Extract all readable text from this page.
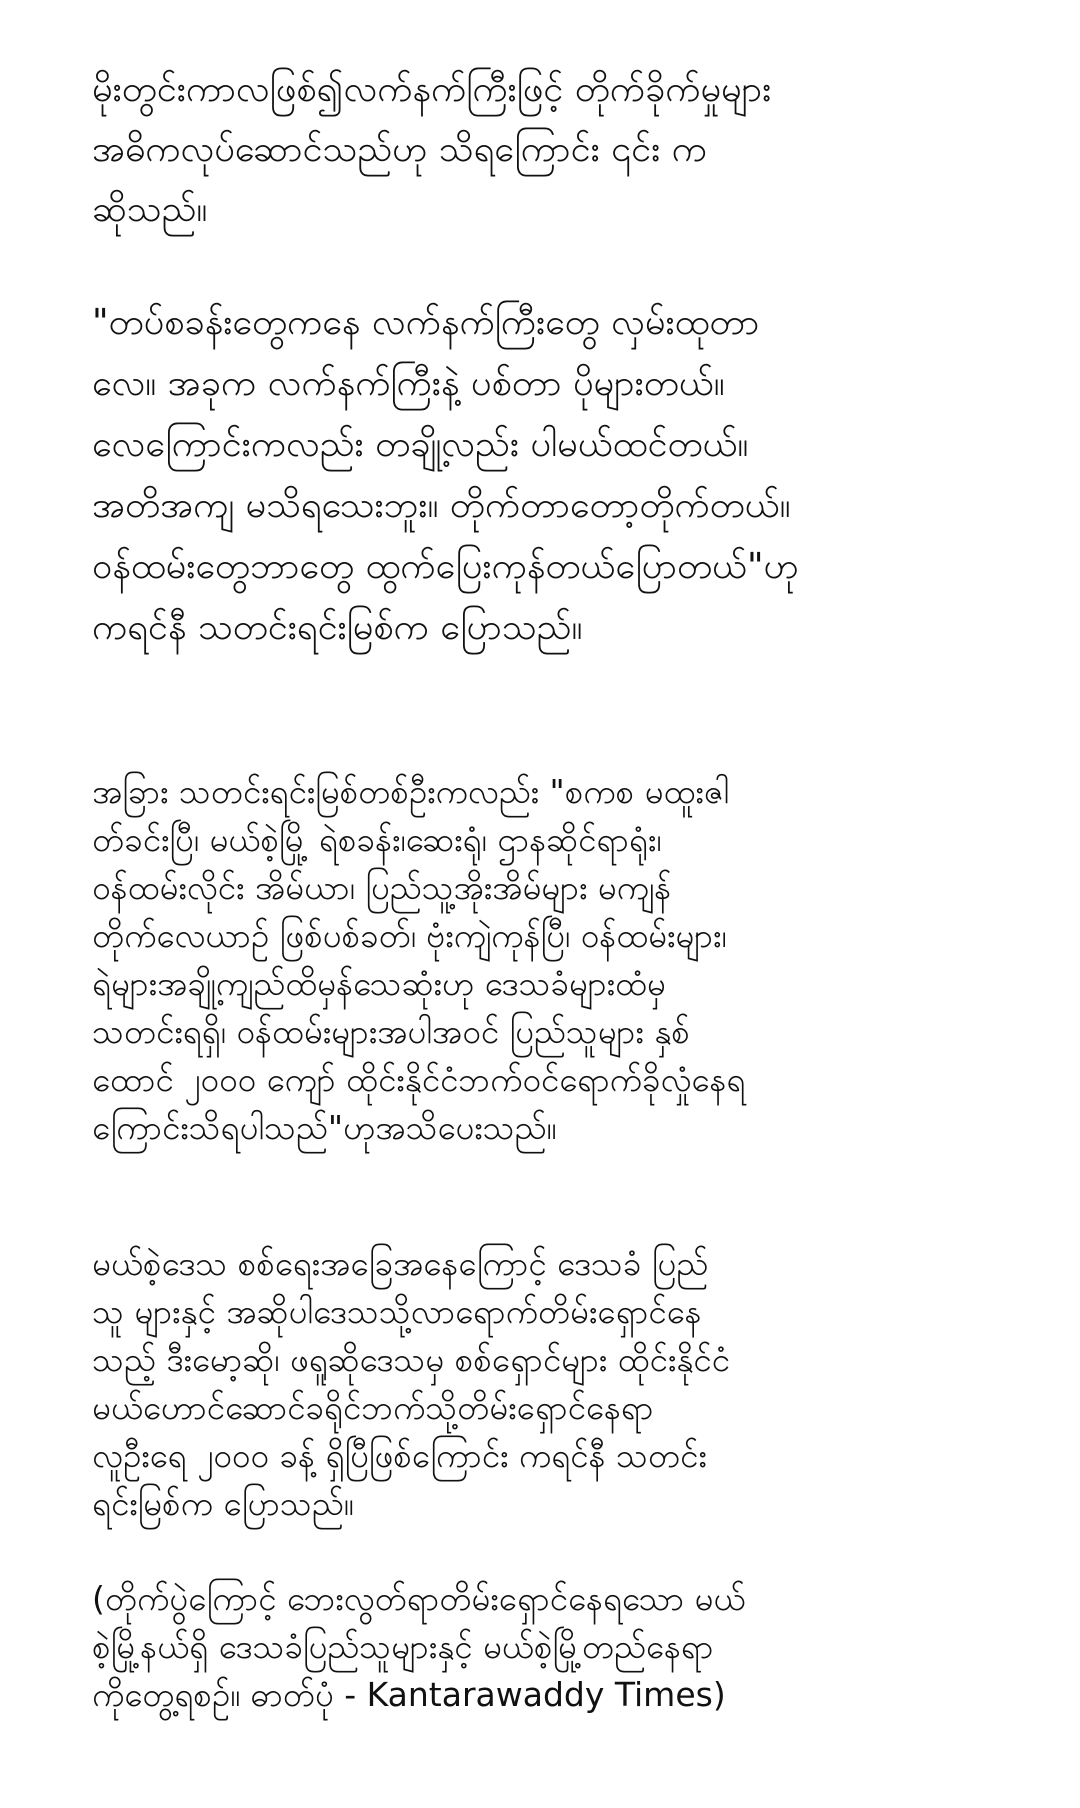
မိုးတွင်းကာလဖြစ်၍လက်နက်ကြီးဖြင့် တိုက်ခိုက်မှုများ
အဓိကလုပ်ဆောင်သည်ဟု သိရကြောင်း ၎င်း က
ဆိုသည်။
"တပ်စခန်းတွေကနေ လက်နက်ကြီးတွေ လှမ်းထုတာ
လေ။ အခုက လက်နက်ကြီးနဲ့ ပစ်တာ ပိုများတယ်။
လေကြောင်းကလည်း တချို့လည်း ပါမယ်ထင်တယ်။
အတိအကျ မသိရသေးဘူး။ တိုက်တာတော့တိုက်တယ်။
ဝန်ထမ်းတွေဘာတွေ ထွက်ပြေးကုန်တယ်ပြောတယ်"ဟု
ကရင်နီ သတင်းရင်းမြစ်က ပြောသည်။
အခြား သတင်းရင်းမြစ်တစ်ဦးကလည်း "စကစ မထူးဇါ
တ်ခင်းပြီ၊ မယ်စဲ့မြို့ ရဲစခန်း၊ဆေးရုံ၊ ဌာနဆိုင်ရာရုံး၊
ဝန်ထမ်းလိုင်း အိမ်ယာ၊ ပြည်သူ့အိုးအိမ်များ မကျန်
တိုက်လေယာဉ် ဖြစ်ပစ်ခတ်၊ ဗုံးကျဲကုန်ပြီ၊ ဝန်ထမ်းများ၊
ရဲများအချို့ကျည်ထိမှန်သေဆုံးဟု ဒေသခံများထံမှ
သတင်းရရှိ၊ ဝန်ထမ်းများအပါအဝင် ပြည်သူများ နှစ်
ထောင် ၂၀၀၀ ကျော် ထိုင်းနိုင်ငံဘက်ဝင်ရောက်ခိုလှုံနေရ
ကြောင်းသိရပါသည်"ဟုအသိပေးသည်။
မယ်စဲ့ဒေသ စစ်ရေးအခြေအနေကြောင့် ဒေသခံ ပြည်
သူ များနှင့် အဆိုပါဒေသသို့လာရောက်တိမ်းရှောင်နေ
သည့် ဒီးမော့ဆို၊ ဖရူဆိုဒေသမှ စစ်ရှောင်များ ထိုင်းနိုင်ငံ
မယ်ဟောင်ဆောင်ခရိုင်ဘက်သို့တိမ်းရှောင်နေရာ
လူဦးရေ ၂၀၀၀ ခန့် ရှိပြီဖြစ်ကြောင်း ကရင်နီ သတင်း
ရင်းမြစ်က ပြောသည်။
(တိုက်ပွဲကြောင့် ဘေးလွတ်ရာတိမ်းရှောင်နေရသော မယ်
စဲ့မြို့နယ်ရှိ ဒေသခံပြည်သူများနှင့် မယ်စဲ့မြို့တည်နေရာ
ကိုတွေ့ရစဥ်။ ဓာတ်ပုံ - Kantarawaddy Times)
